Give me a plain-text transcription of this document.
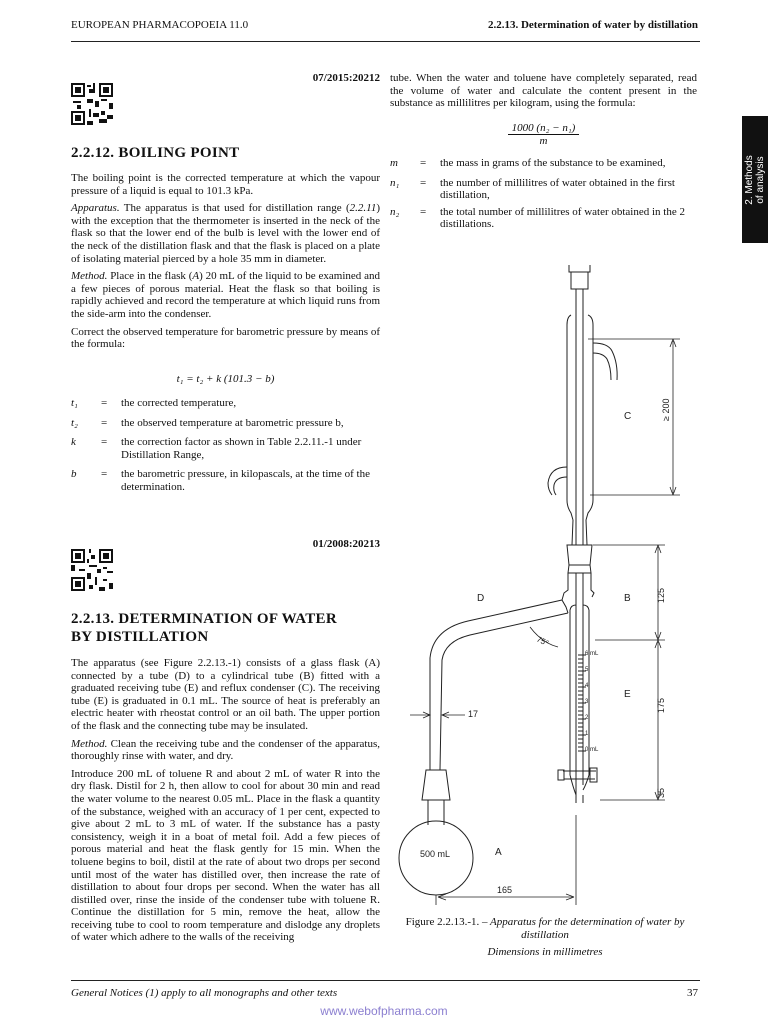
EUROPEAN PHARMACOPOEIA 11.0	2.2.13. Determination of water by distillation
2. Methods of analysis
07/2015:20212
2.2.12. BOILING POINT

The boiling point is the corrected temperature at which the vapour pressure of a liquid is equal to 101.3 kPa.

Apparatus. The apparatus is that used for distillation range (2.2.11) with the exception that the thermometer is inserted in the neck of the flask so that the lower end of the bulb is level with the lower end of the neck of the distillation flask and that the flask is placed on a plate of isolating material pierced by a hole 35 mm in diameter.

Method. Place in the flask (A) 20 mL of the liquid to be examined and a few pieces of porous material. Heat the flask so that boiling is rapidly achieved and record the temperature at which liquid runs from the side-arm into the condenser.

Correct the observed temperature for barometric pressure by means of the formula:

t₁ = t₂ + k (101.3 − b)
t₁ = the corrected temperature,
t₂ = the observed temperature at barometric pressure b,
k = the correction factor as shown in Table 2.2.11.-1 under Distillation Range,
b = the barometric pressure, in kilopascals, at the time of the determination.
01/2008:20213
2.2.13. DETERMINATION OF WATER
BY DISTILLATION

The apparatus (see Figure 2.2.13.-1) consists of a glass flask (A) connected by a tube (D) to a cylindrical tube (B) fitted with a graduated receiving tube (E) and reflux condenser (C). The receiving tube (E) is graduated in 0.1 mL. The source of heat is preferably an electric heater with rheostat control or an oil bath. The upper portion of the flask and the connecting tube may be insulated.

Method. Clean the receiving tube and the condenser of the apparatus, thoroughly rinse with water, and dry.

Introduce 200 mL of toluene R and about 2 mL of water R into the dry flask. Distil for 2 h, then allow to cool for about 30 min and read the water volume to the nearest 0.05 mL. Place in the flask a quantity of the substance, weighed with an accuracy of 1 per cent, expected to give about 2 mL to 3 mL of water. If the substance has a pasty consistency, weigh it in a boat of metal foil. Add a few pieces of porous material and heat the flask gently for 15 min. When the toluene begins to boil, distil at the rate of about two drops per second until most of the water has distilled over, then increase the rate of distillation to about four drops per second. When the water has all distilled over, rinse the inside of the condenser tube with toluene R. Continue the distillation for 5 min, remove the heat, allow the receiving tube to cool to room temperature and dislodge any droplets of water which adhere to the walls of the receiving

tube. When the water and toluene have completely separated, read the volume of water and calculate the content present in the substance as millilitres per kilogram, using the formula:

$\frac{\text{1000 (n₂ − n₁)}}{m}$
m = the mass in grams of the substance to be examined,
n₁ = the number of millilitres of water obtained in the first distillation,
n₂ = the total number of millilitres of water obtained in the 2 distillations.
C
D	B
E
A
500 mL
17
165
75°
≥ 200
125
175
35
6 mL
5
4
3
2
1
0 mL
Figure 2.2.13.-1. – Apparatus for the determination of water by distillation
Dimensions in millimetres
General Notices (1) apply to all monographs and other texts	37
www.webofpharma.com
